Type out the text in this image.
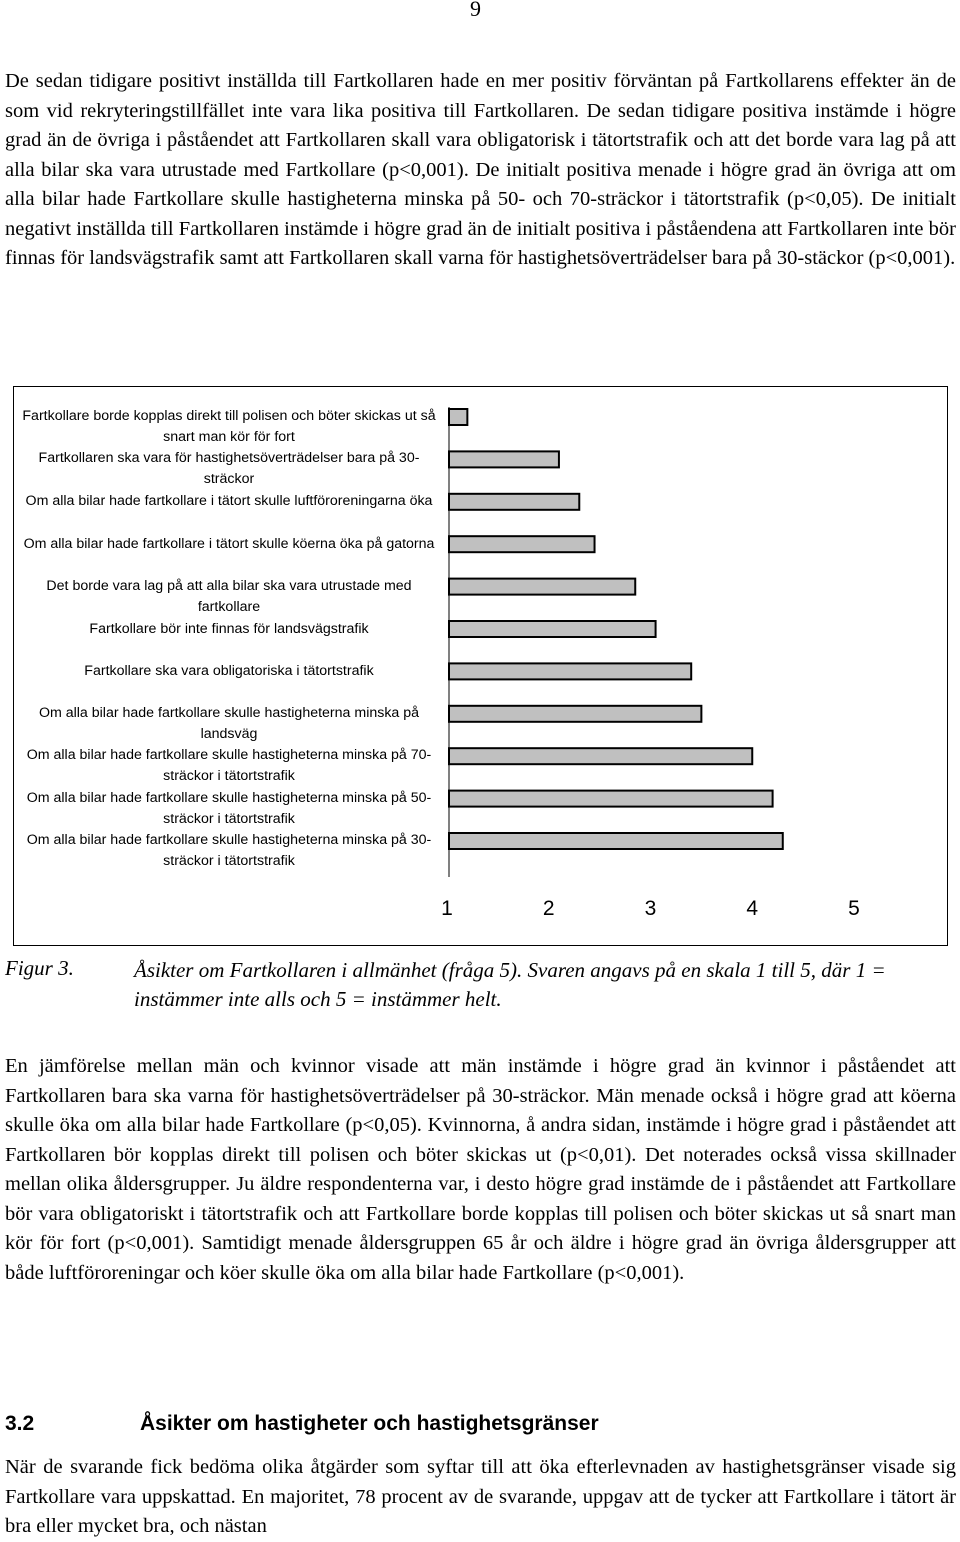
9

De sedan tidigare positivt inställda till Fartkollaren hade en mer positiv förväntan på Fartkollarens effekter än de som vid rekryteringstillfället inte vara lika positiva till Fartkollaren. De sedan tidigare positiva instämde i högre grad än de övriga i påståendet att Fartkollaren skall vara obligatorisk i tätortstrafik och att det borde vara lag på att alla bilar ska vara utrustade med Fartkollare (p<0,001). De initialt positiva menade i högre grad än övriga att om alla bilar hade Fartkollare skulle hastigheterna minska på 50- och 70-sträckor i tätortstrafik (p<0,05). De initialt negativt inställda till Fartkollaren instämde i högre grad än de initialt positiva i påståendena att Fartkollaren inte bör finnas för landsvägstrafik samt att Fartkollaren skall varna för hastighetsöverträdelser bara på 30-stäckor (p<0,001).

Fartkollare borde kopplas direkt till polisen och böter skickas ut så snart man kör för fort
Fartkollaren ska vara för hastighetsöverträdelser bara på 30-sträckor
Om alla bilar hade fartkollare i tätort skulle luftföroreningarna öka
Om alla bilar hade fartkollare i tätort skulle köerna öka på gatorna
Det borde vara lag på att alla bilar ska vara utrustade med fartkollare
Fartkollare bör inte finnas för landsvägstrafik
Fartkollare ska vara obligatoriska i tätortstrafik
Om alla bilar hade fartkollare skulle hastigheterna minska på landsväg
Om alla bilar hade fartkollare skulle hastigheterna minska på 70-sträckor i tätortstrafik
Om alla bilar hade fartkollare skulle hastigheterna minska på 50-sträckor i tätortstrafik
Om alla bilar hade fartkollare skulle hastigheterna minska på 30-sträckor i tätortstrafik
1	2	3	4	5
Figur 3.	Åsikter om Fartkollaren i allmänhet (fråga 5). Svaren angavs på en skala 1 till 5, där 1 = instämmer inte alls och 5 = instämmer helt.

En jämförelse mellan män och kvinnor visade att män instämde i högre grad än kvinnor i påståendet att Fartkollaren bara ska varna för hastighetsöverträdelser på 30-sträckor. Män menade också i högre grad att köerna skulle öka om alla bilar hade Fartkollare (p<0,05). Kvinnorna, å andra sidan, instämde i högre grad i påståendet att Fartkollaren bör kopplas direkt till polisen och böter skickas ut (p<0,01). Det noterades också vissa skillnader mellan olika åldersgrupper. Ju äldre respondenterna var, i desto högre grad instämde de i påståendet att Fartkollare bör vara obligatoriskt i tätortstrafik och att Fartkollare borde kopplas till polisen och böter skickas ut så snart man kör för fort (p<0,001). Samtidigt menade åldersgruppen 65 år och äldre i högre grad än övriga åldersgrupper att både luftföroreningar och köer skulle öka om alla bilar hade Fartkollare (p<0,001).

3.2	Åsikter om hastigheter och hastighetsgränser

När de svarande fick bedöma olika åtgärder som syftar till att öka efterlevnaden av hastighetsgränser visade sig Fartkollare vara uppskattad. En majoritet, 78 procent av de svarande, uppgav att de tycker att Fartkollare i tätort är bra eller mycket bra, och nästan
